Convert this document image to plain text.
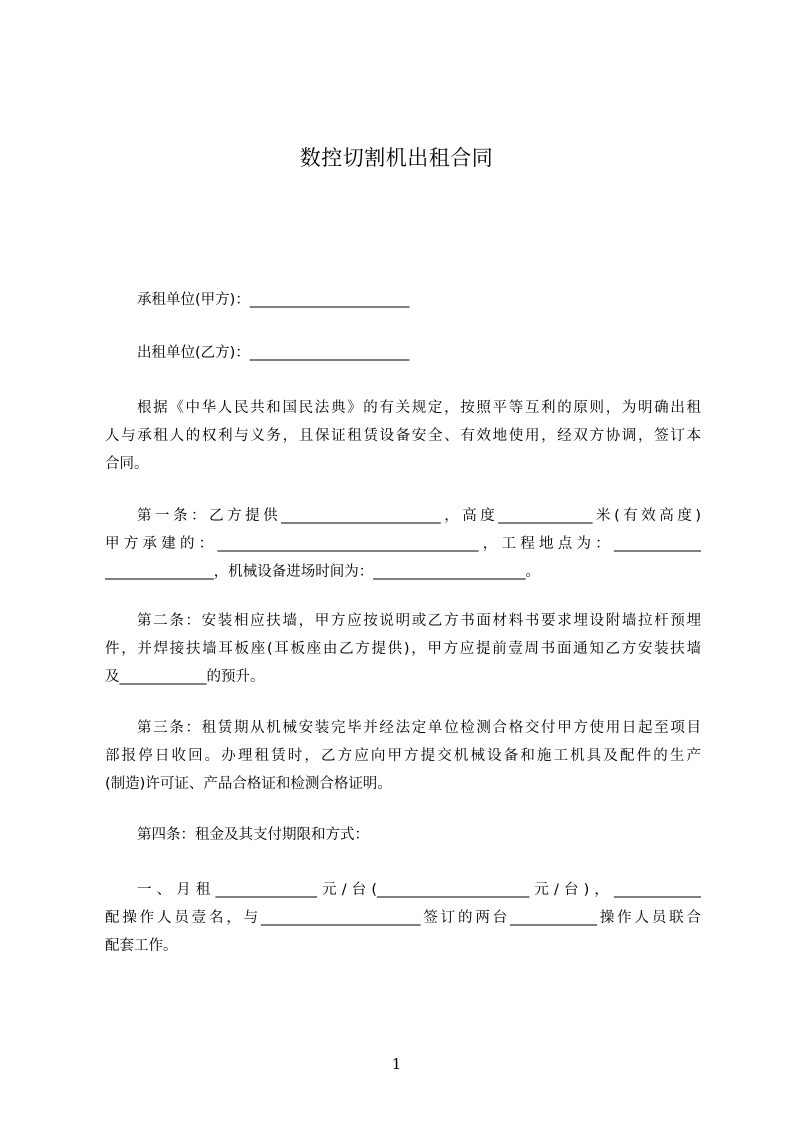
数控切割机出租合同
承租单位(甲方)：______________________
出租单位(乙方)：______________________
根据《中华人民共和国民法典》的有关规定，按照平等互利的原则，为明确出租
人与承租人的权利与义务，且保证租赁设备安全、有效地使用，经双方协调，签订本
合同。
第一条：乙方提供______________________，高度_____________米(有效高度)
甲方承建的：____________________________________，工程地点为：____________
_______________，机械设备进场时间为：_____________________。
第二条：安装相应扶墙，甲方应按说明或乙方书面材料书要求埋设附墙拉杆预埋
件，并焊接扶墙耳板座(耳板座由乙方提供)，甲方应提前壹周书面通知乙方安装扶墙
及____________的预升。
第三条：租赁期从机械安装完毕并经法定单位检测合格交付甲方使用日起至项目
部报停日收回。办理租赁时，乙方应向甲方提交机械设备和施工机具及配件的生产
(制造)许可证、产品合格证和检测合格证明。
第四条：租金及其支付期限和方式：
一、月租______________元/台(_____________________元/台)，____________
配操作人员壹名，与______________________签订的两台____________操作人员联合
配套工作。
1
